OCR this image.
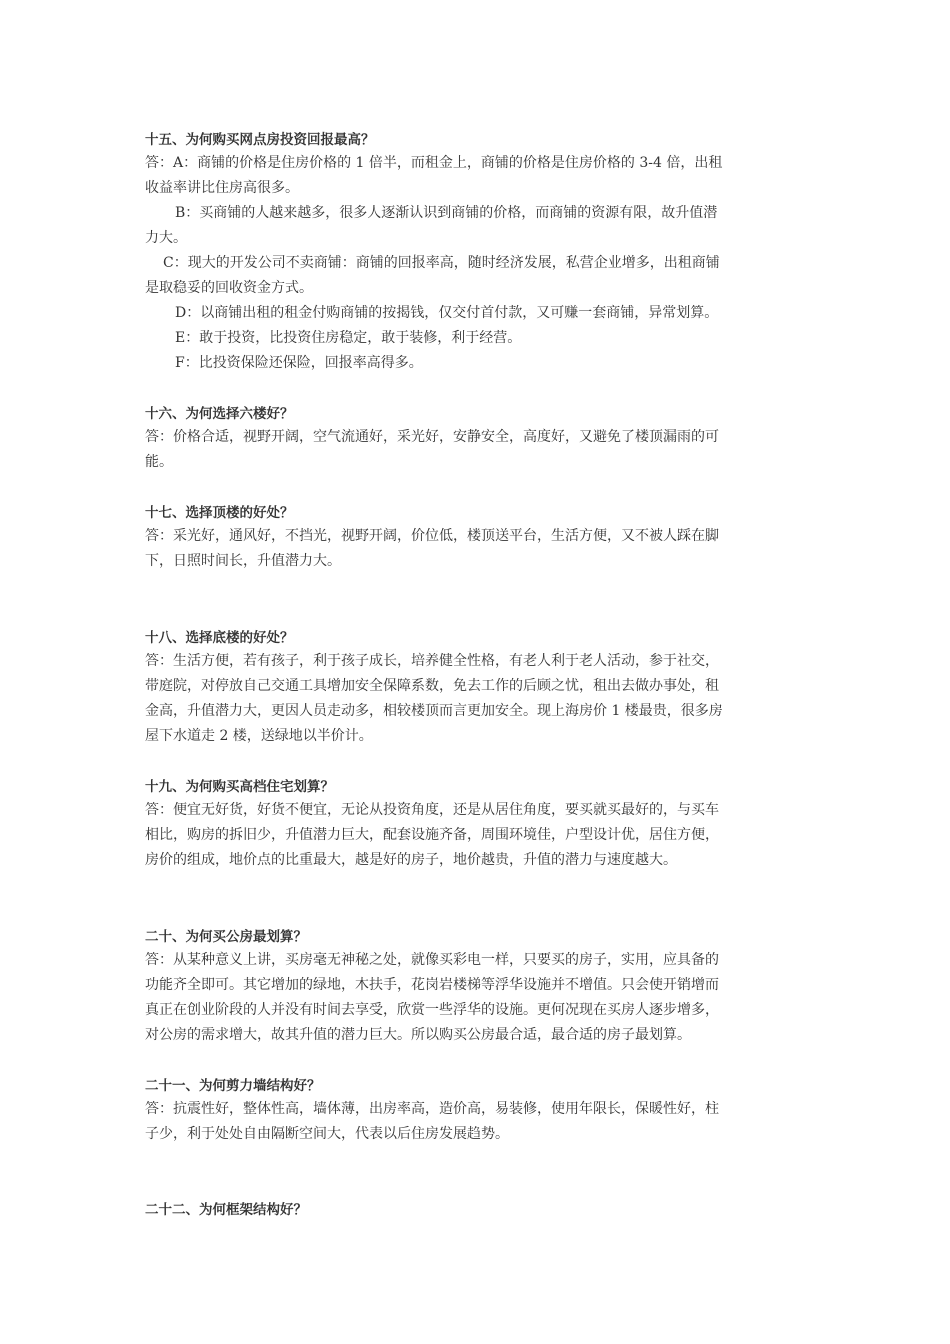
十五、为何购买网点房投资回报最高？
答：A：商铺的价格是住房价格的 1 倍半，而租金上，商铺的价格是住房价格的 3-4 倍，出租
收益率讲比住房高很多。
B：买商铺的人越来越多，很多人逐渐认识到商铺的价格，而商铺的资源有限，故升值潜
力大。
C：现大的开发公司不卖商铺：商铺的回报率高，随时经济发展，私营企业增多，出租商铺
是取稳妥的回收资金方式。
D：以商铺出租的租金付购商铺的按揭钱，仅交付首付款，又可赚一套商铺，异常划算。
E：敢于投资，比投资住房稳定，敢于装修，利于经营。
F：比投资保险还保险，回报率高得多。
十六、为何选择六楼好？
答：价格合适，视野开阔，空气流通好，采光好，安静安全，高度好，又避免了楼顶漏雨的可
能。
十七、选择顶楼的好处？
答：采光好，通风好，不挡光，视野开阔，价位低，楼顶送平台，生活方便，又不被人踩在脚
下，日照时间长，升值潜力大。
十八、选择底楼的好处？
答：生活方便，若有孩子，利于孩子成长，培养健全性格，有老人利于老人活动，参于社交，
带庭院，对停放自己交通工具增加安全保障系数，免去工作的后顾之忧，租出去做办事处，租
金高，升值潜力大，更因人员走动多，相较楼顶而言更加安全。现上海房价 1 楼最贵，很多房
屋下水道走 2 楼，送绿地以半价计。
十九、为何购买高档住宅划算？
答：便宜无好货，好货不便宜，无论从投资角度，还是从居住角度，要买就买最好的，与买车
相比，购房的拆旧少，升值潜力巨大，配套设施齐备，周围环境佳，户型设计优，居住方便，
房价的组成，地价点的比重最大，越是好的房子，地价越贵，升值的潜力与速度越大。
二十、为何买公房最划算？
答：从某种意义上讲，买房毫无神秘之处，就像买彩电一样，只要买的房子，实用，应具备的
功能齐全即可。其它增加的绿地，木扶手，花岗岩楼梯等浮华设施并不增值。只会使开销增而
真正在创业阶段的人并没有时间去享受，欣赏一些浮华的设施。更何况现在买房人逐步增多，
对公房的需求增大，故其升值的潜力巨大。所以购买公房最合适，最合适的房子最划算。
二十一、为何剪力墙结构好？
答：抗震性好，整体性高，墙体薄，出房率高，造价高，易装修，使用年限长，保暖性好，柱
子少，利于处处自由隔断空间大，代表以后住房发展趋势。
二十二、为何框架结构好？
